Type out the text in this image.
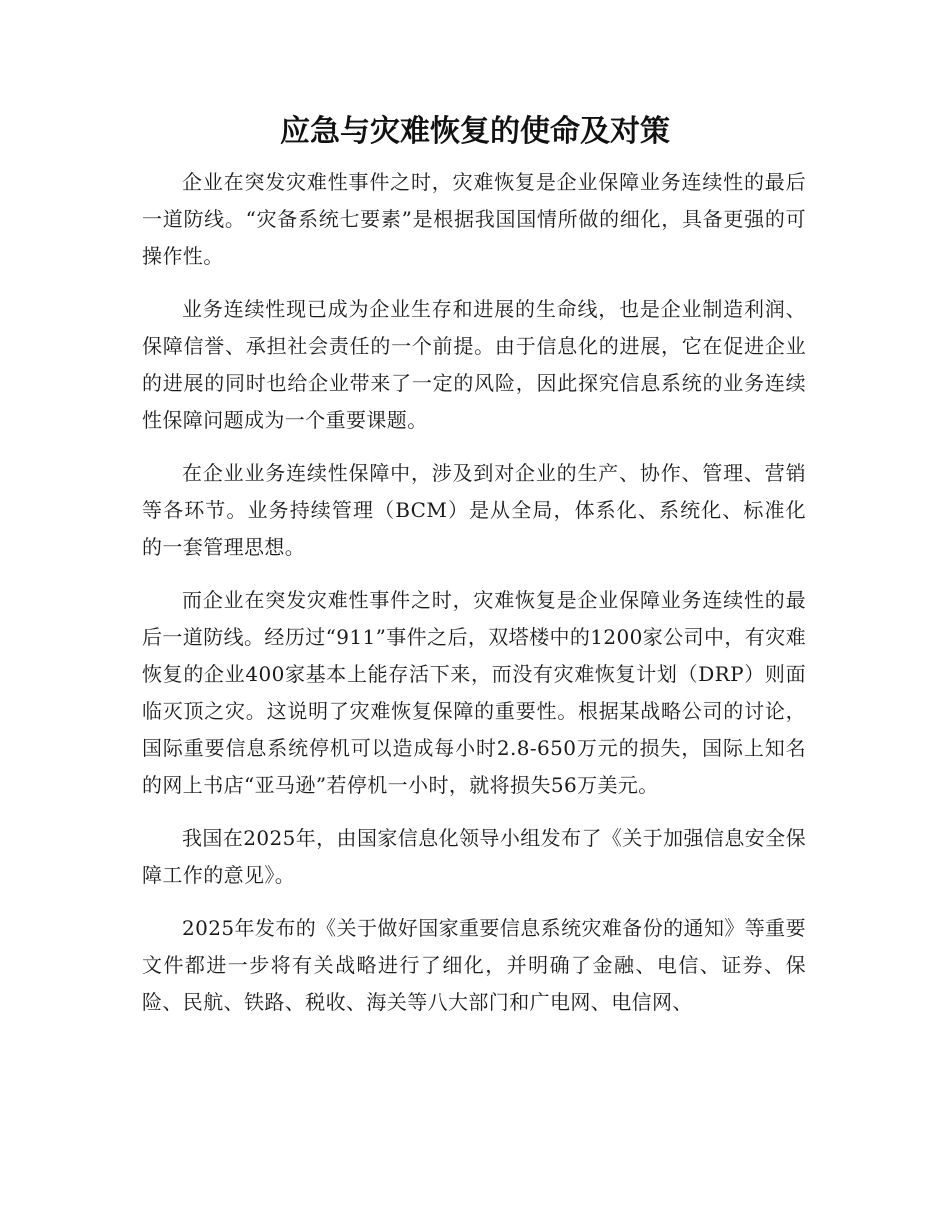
应急与灾难恢复的使命及对策

企业在突发灾难性事件之时，灾难恢复是企业保障业务连续性的最后一道防线。“灾备系统七要素”是根据我国国情所做的细化，具备更强的可操作性。

业务连续性现已成为企业生存和进展的生命线，也是企业制造利润、保障信誉、承担社会责任的一个前提。由于信息化的进展，它在促进企业的进展的同时也给企业带来了一定的风险，因此探究信息系统的业务连续性保障问题成为一个重要课题。

在企业业务连续性保障中，涉及到对企业的生产、协作、管理、营销等各环节。业务持续管理（BCM）是从全局，体系化、系统化、标准化的一套管理思想。

而企业在突发灾难性事件之时，灾难恢复是企业保障业务连续性的最后一道防线。经历过“911”事件之后，双塔楼中的1200家公司中，有灾难恢复的企业400家基本上能存活下来，而没有灾难恢复计划（DRP）则面临灭顶之灾。这说明了灾难恢复保障的重要性。根据某战略公司的讨论，国际重要信息系统停机可以造成每小时2.8-650万元的损失，国际上知名的网上书店“亚马逊”若停机一小时，就将损失56万美元。

我国在2025年，由国家信息化领导小组发布了《关于加强信息安全保障工作的意见》。

2025年发布的《关于做好国家重要信息系统灾难备份的通知》等重要文件都进一步将有关战略进行了细化，并明确了金融、电信、证券、保险、民航、铁路、税收、海关等八大部门和广电网、电信网、
